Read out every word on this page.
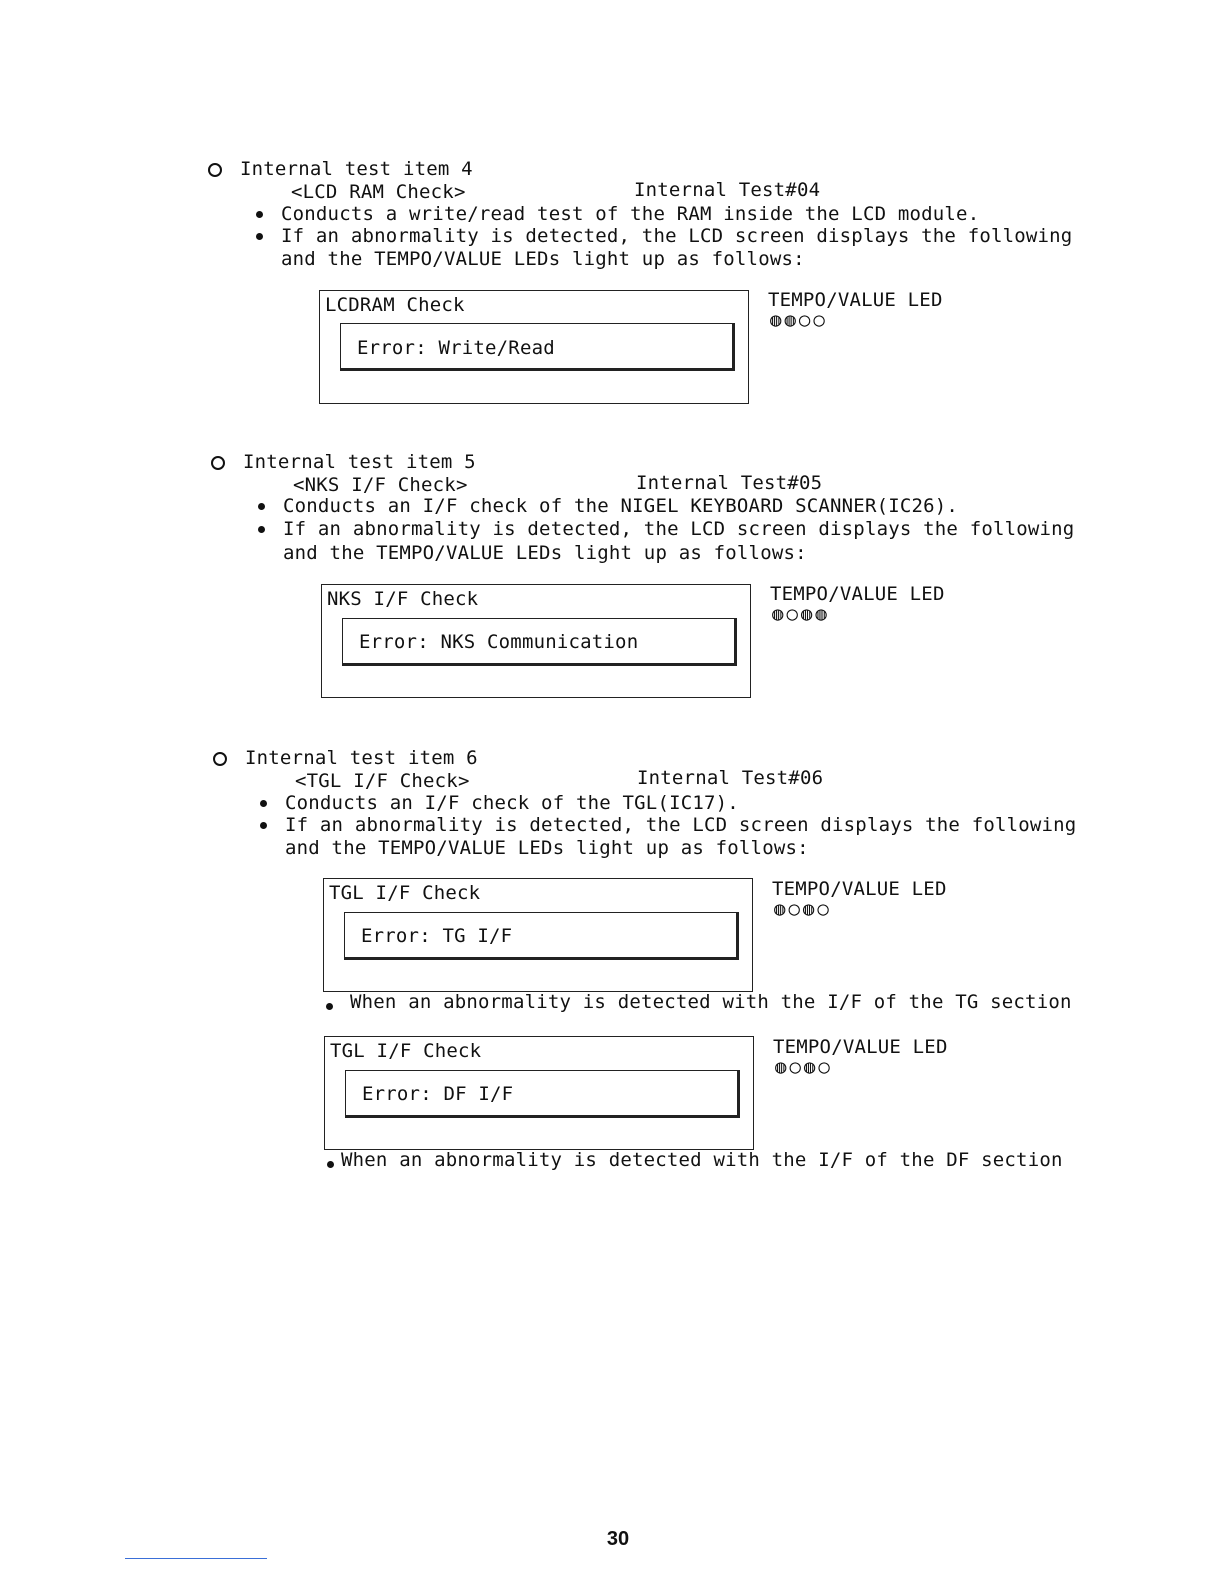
Internal test item 4
<LCD RAM Check>	Internal Test#04
Conducts a write/read test of the RAM inside the LCD module.
If an abnormality is detected, the LCD screen displays the following
and the TEMPO/VALUE LEDs light up as follows:
LCDRAM Check
Error: Write/Read
TEMPO/VALUE LED
◍◍○○
Internal test item 5
<NKS I/F Check>	Internal Test#05
Conducts an I/F check of the NIGEL KEYBOARD SCANNER(IC26).
If an abnormality is detected, the LCD screen displays the following
and the TEMPO/VALUE LEDs light up as follows:
NKS I/F Check
Error: NKS Communication
TEMPO/VALUE LED
◍○◍◍
Internal test item 6
<TGL I/F Check>	Internal Test#06
Conducts an I/F check of the TGL(IC17).
If an abnormality is detected, the LCD screen displays the following
and the TEMPO/VALUE LEDs light up as follows:
TGL I/F Check
Error: TG I/F
TEMPO/VALUE LED
◍○◍○
When an abnormality is detected with the I/F of the TG section
TGL I/F Check
Error: DF I/F
TEMPO/VALUE LED
◍○◍○
When an abnormality is detected with the I/F of the DF section
30
